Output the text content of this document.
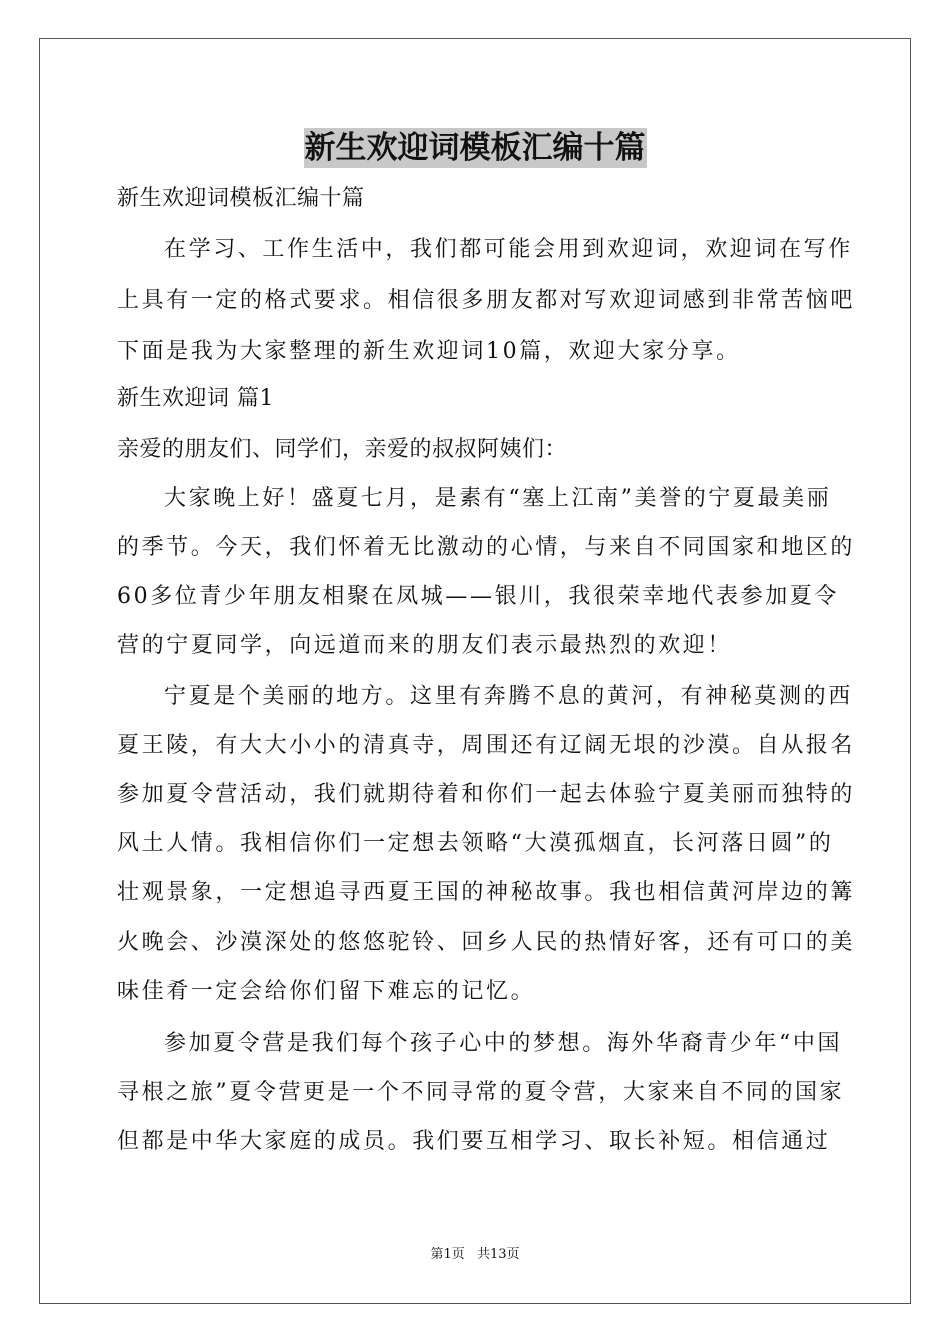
新生欢迎词模板汇编十篇
新生欢迎词模板汇编十篇
在学习、工作生活中，我们都可能会用到欢迎词，欢迎词在写作
上具有一定的格式要求。相信很多朋友都对写欢迎词感到非常苦恼吧
下面是我为大家整理的新生欢迎词10篇，欢迎大家分享。
新生欢迎词 篇1
亲爱的朋友们、同学们，亲爱的叔叔阿姨们：
大家晚上好！盛夏七月，是素有“塞上江南”美誉的宁夏最美丽
的季节。今天，我们怀着无比激动的心情，与来自不同国家和地区的
60多位青少年朋友相聚在凤城——银川，我很荣幸地代表参加夏令
营的宁夏同学，向远道而来的朋友们表示最热烈的欢迎！
宁夏是个美丽的地方。这里有奔腾不息的黄河，有神秘莫测的西
夏王陵，有大大小小的清真寺，周围还有辽阔无垠的沙漠。自从报名
参加夏令营活动，我们就期待着和你们一起去体验宁夏美丽而独特的
风土人情。我相信你们一定想去领略“大漠孤烟直，长河落日圆”的
壮观景象，一定想追寻西夏王国的神秘故事。我也相信黄河岸边的篝
火晚会、沙漠深处的悠悠驼铃、回乡人民的热情好客，还有可口的美
味佳肴一定会给你们留下难忘的记忆。
参加夏令营是我们每个孩子心中的梦想。海外华裔青少年“中国
寻根之旅”夏令营更是一个不同寻常的夏令营，大家来自不同的国家
但都是中华大家庭的成员。我们要互相学习、取长补短。相信通过
第1页 共13页
